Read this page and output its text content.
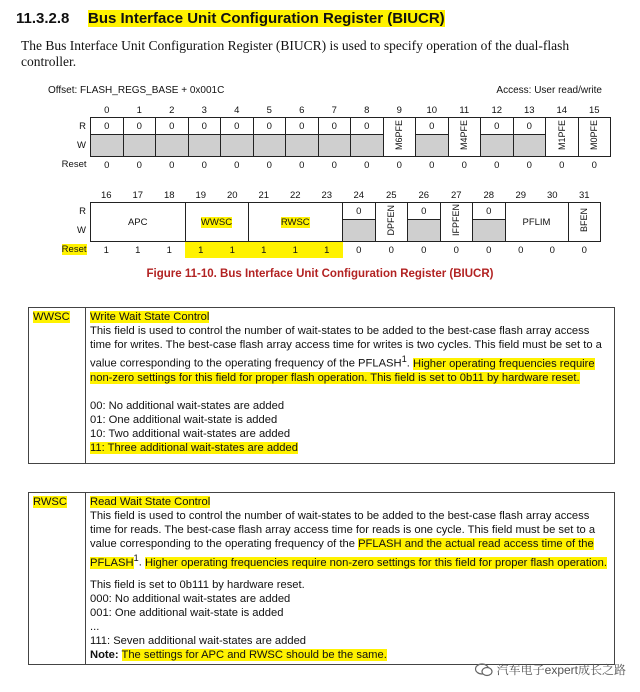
11.3.2.8 Bus Interface Unit Configuration Register (BIUCR)
The Bus Interface Unit Configuration Register (BIUCR) is used to specify operation of the dual-flash controller.
Offset: FLASH_REGS_BASE + 0x001C	Access: User read/write
	0	1	2	3	4	5	6	7	8	9	10	11	12	13	14	15
R	0	0	0	0	0	0	0	0	0	M6PFE	0	M4PFE	0	0	M1PFE	M0PFE
W																
Reset	0	0	0	0	0	0	0	0	0	0	0	0	0	0	0	0
	16	17	18	19	20	21	22	23	24	25	26	27	28	29	30	31
R	APC			WWSC		RWSC			0	DPFEN	0	IFPFEN	0	PFLIM		BFEN
W																
Reset	1	1	1	1	1	1	1	1	0	0	0	0	0	0	0	0
Figure 11-10. Bus Interface Unit Configuration Register (BIUCR)
WWSC	Write Wait State Control

This field is used to control the number of wait-states to be added to the best-case flash array access time for writes. The best-case flash array access time for writes is two cycles. This field must be set to a value corresponding to the operating frequency of the PFLASH$^1$. Higher operating frequencies require non-zero settings for this field for proper flash operation. This field is set to 0b11 by hardware reset.

00: No additional wait-states are added

01: One additional wait-state is added

10: Two additional wait-states are added

11: Three additional wait-states are added

RWSC	Read Wait State Control

This field is used to control the number of wait-states to be added to the best-case flash array access time for reads. The best-case flash array access time for reads is one cycle. This field must be set to a value corresponding to the operating frequency of the PFLASH and the actual read access time of the PFLASH$^1$. Higher operating frequencies require non-zero settings for this field for proper flash operation.

This field is set to 0b111 by hardware reset.

000: No additional wait-states are added

001: One additional wait-state is added

...

111: Seven additional wait-states are added

Note: The settings for APC and RWSC should be the same.

汽车电子expert成长之路
